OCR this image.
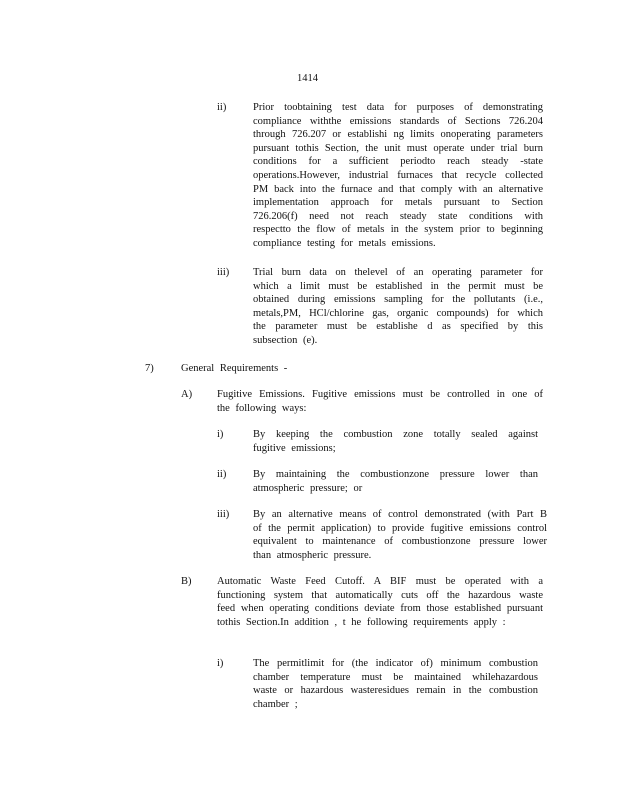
1414
ii)	Prior toobtaining test data for purposes of demonstrating compliance withthe emissions standards of Sections 726.204 through 726.207 or establishi ng limits onoperating parameters pursuant tothis Section, the unit must operate under trial burn conditions for a sufficient periodto reach steady -state operations.However, industrial furnaces that recycle collected PM back into the furnace and that comply with an alternative implementation approach for metals pursuant to Section 726.206(f) need not reach steady state conditions with respectto the flow of metals in the system prior to beginning compliance testing for metals emissions.
iii) Trial burn data on thelevel of an operating parameter for which a limit must be established in the permit must be obtained during emissions sampling for the pollutants (i.e., metals,PM, HCl/chlorine gas, organic compounds) for which the parameter must be establishe d as specified by this subsection (e).
7)	General Requirements -
A) Fugitive Emissions. Fugitive emissions must be controlled in one of the following ways:
i)	By keeping the combustion zone totally sealed against fugitive emissions;
ii)	By maintaining the combustionzone pressure lower than atmospheric pressure; or
iii) By an alternative means of control demonstrated (with Part B of the permit application) to provide fugitive emissions control equivalent to maintenance of combustionzone pressure lower than atmospheric pressure.
B) Automatic Waste Feed Cutoff. A BIF must be operated with a functioning system that automatically cuts off the hazardous waste feed when operating conditions deviate from those established pursuant tothis Section.In addition , t he following requirements apply :
i)	The permitlimit for (the indicator of) minimum combustion chamber temperature must be maintained whilehazardous waste or hazardous wasteresidues remain in the combustion chamber ;
